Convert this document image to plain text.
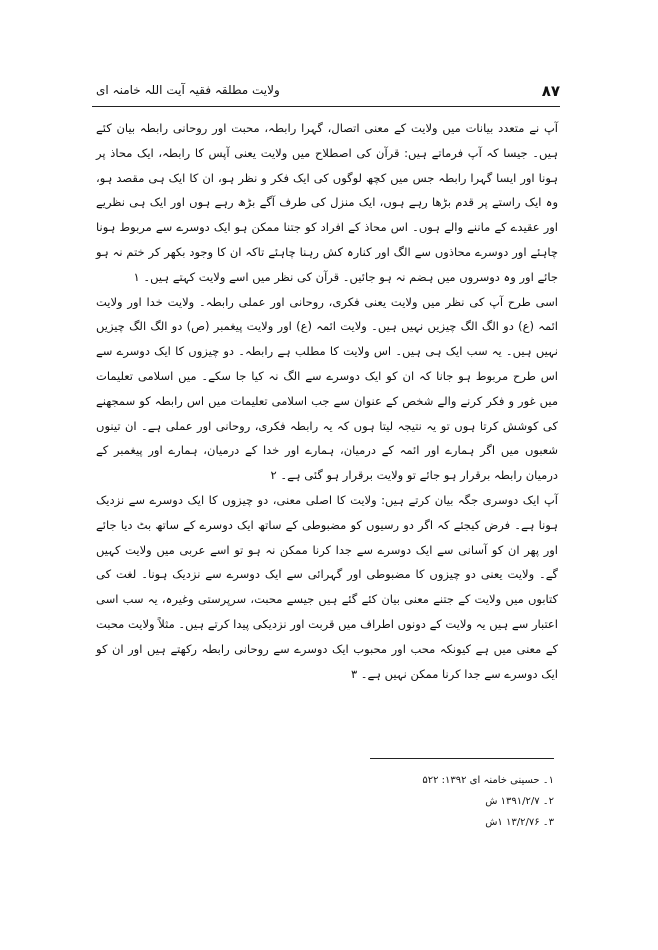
۸۷
ولایت مطلقہ فقیہ آیت اللہ خامنہ ای

آپ نے متعدد بیانات میں ولایت کے معنی اتصال، گہرا رابطہ، محبت اور روحانی رابطہ بیان کئے ہیں۔ جیسا کہ آپ فرماتے ہیں: قرآن کی اصطلاح میں ولایت یعنی آپس کا رابطہ، ایک محاذ پر ہونا اور ایسا گہرا رابطہ جس میں کچھ لوگوں کی ایک فکر و نظر ہو، ان کا ایک ہی مقصد ہو، وہ ایک راستے پر قدم بڑھا رہے ہوں، ایک منزل کی طرف آگے بڑھ رہے ہوں اور ایک ہی نظریے اور عقیدے کے ماننے والے ہوں۔ اس محاذ کے افراد کو جتنا ممکن ہو ایک دوسرے سے مربوط ہونا چاہئے اور دوسرے محاذوں سے الگ اور کنارہ کش رہنا چاہئے تاکہ ان کا وجود بکھر کر ختم نہ ہو جائے اور وہ دوسروں میں ہضم نہ ہو جائیں۔ قرآن کی نظر میں اسے ولایت کہتے ہیں۔ ۱

اسی طرح آپ کی نظر میں ولایت یعنی فکری، روحانی اور عملی رابطہ۔ ولایت خدا اور ولایت ائمہ (ع) دو الگ الگ چیزیں نہیں ہیں۔ ولایت ائمہ (ع) اور ولایت پیغمبر (ص) دو الگ الگ چیزیں نہیں ہیں۔ یہ سب ایک ہی ہیں۔ اس ولایت کا مطلب ہے رابطہ۔ دو چیزوں کا ایک دوسرے سے اس طرح مربوط ہو جانا کہ ان کو ایک دوسرے سے الگ نہ کیا جا سکے۔ میں اسلامی تعلیمات میں غور و فکر کرنے والے شخص کے عنوان سے جب اسلامی تعلیمات میں اس رابطہ کو سمجھنے کی کوشش کرتا ہوں تو یہ نتیجہ لیتا ہوں کہ یہ رابطہ فکری، روحانی اور عملی ہے۔ ان تینوں شعبوں میں اگر ہمارے اور ائمہ کے درمیان، ہمارے اور خدا کے درمیان، ہمارے اور پیغمبر کے درمیان رابطہ برقرار ہو جائے تو ولایت برقرار ہو گئی ہے۔ ۲

آپ ایک دوسری جگہ بیان کرتے ہیں: ولایت کا اصلی معنی، دو چیزوں کا ایک دوسرے سے نزدیک ہونا ہے۔ فرض کیجئے کہ اگر دو رسیوں کو مضبوطی کے ساتھ ایک دوسرے کے ساتھ بٹ دیا جائے اور پھر ان کو آسانی سے ایک دوسرے سے جدا کرنا ممکن نہ ہو تو اسے عربی میں ولایت کہیں گے۔ ولایت یعنی دو چیزوں کا مضبوطی اور گہرائی سے ایک دوسرے سے نزدیک ہونا۔ لغت کی کتابوں میں ولایت کے جتنے معنی بیان کئے گئے ہیں جیسے محبت، سرپرستی وغیرہ، یہ سب اسی اعتبار سے ہیں یہ ولایت کے دونوں اطراف میں قربت اور نزدیکی پیدا کرتے ہیں۔ مثلاً ولایت محبت کے معنی میں ہے کیونکہ محب اور محبوب ایک دوسرے سے روحانی رابطہ رکھتے ہیں اور ان کو ایک دوسرے سے جدا کرنا ممکن نہیں ہے۔ ۳

۱۔ حسینی خامنہ ای ۱۳۹۲: ۵۲۲
۲۔ ۱۳۹۱/۲/۷ ش
۳۔ ۱۳/۲/۷۶ ۱ش
